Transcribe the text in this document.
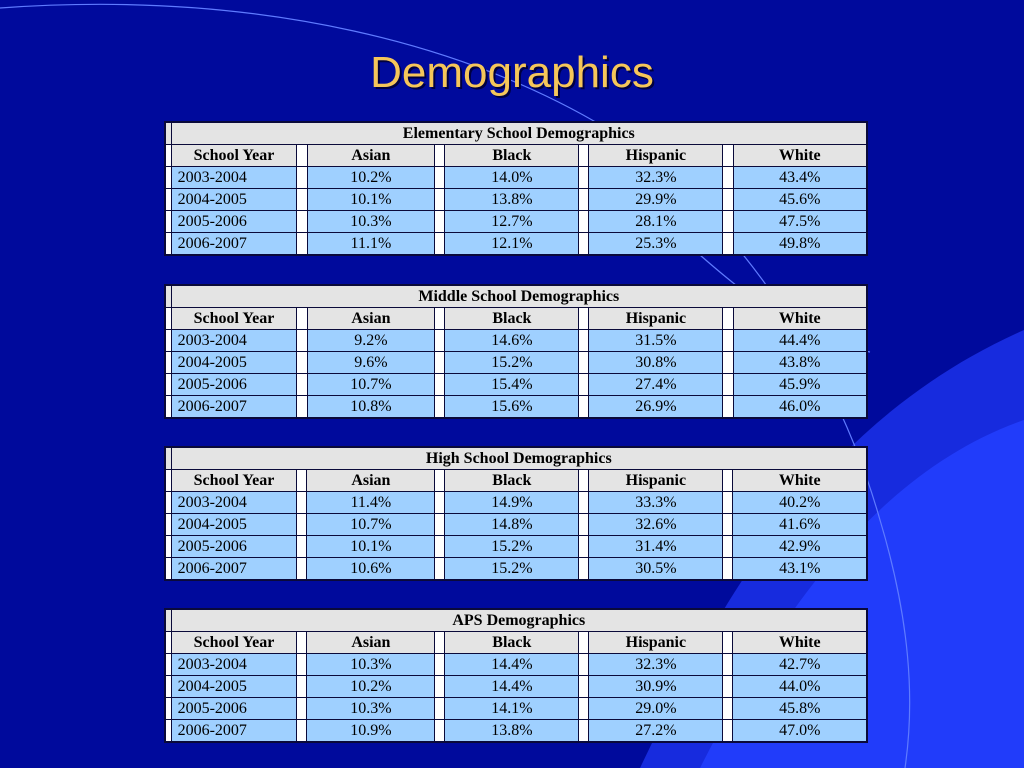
Demographics
	Elementary School Demographics								
	School Year		Asian		Black		Hispanic		White
	2003-2004		10.2%		14.0%		32.3%		43.4%
	2004-2005		10.1%		13.8%		29.9%		45.6%
	2005-2006		10.3%		12.7%		28.1%		47.5%
	2006-2007		11.1%		12.1%		25.3%		49.8%
	Middle School Demographics								
	School Year		Asian		Black		Hispanic		White
	2003-2004		9.2%		14.6%		31.5%		44.4%
	2004-2005		9.6%		15.2%		30.8%		43.8%
	2005-2006		10.7%		15.4%		27.4%		45.9%
	2006-2007		10.8%		15.6%		26.9%		46.0%
	High School Demographics								
	School Year		Asian		Black		Hispanic		White
	2003-2004		11.4%		14.9%		33.3%		40.2%
	2004-2005		10.7%		14.8%		32.6%		41.6%
	2005-2006		10.1%		15.2%		31.4%		42.9%
	2006-2007		10.6%		15.2%		30.5%		43.1%
	APS Demographics								
	School Year		Asian		Black		Hispanic		White
	2003-2004		10.3%		14.4%		32.3%		42.7%
	2004-2005		10.2%		14.4%		30.9%		44.0%
	2005-2006		10.3%		14.1%		29.0%		45.8%
	2006-2007		10.9%		13.8%		27.2%		47.0%
